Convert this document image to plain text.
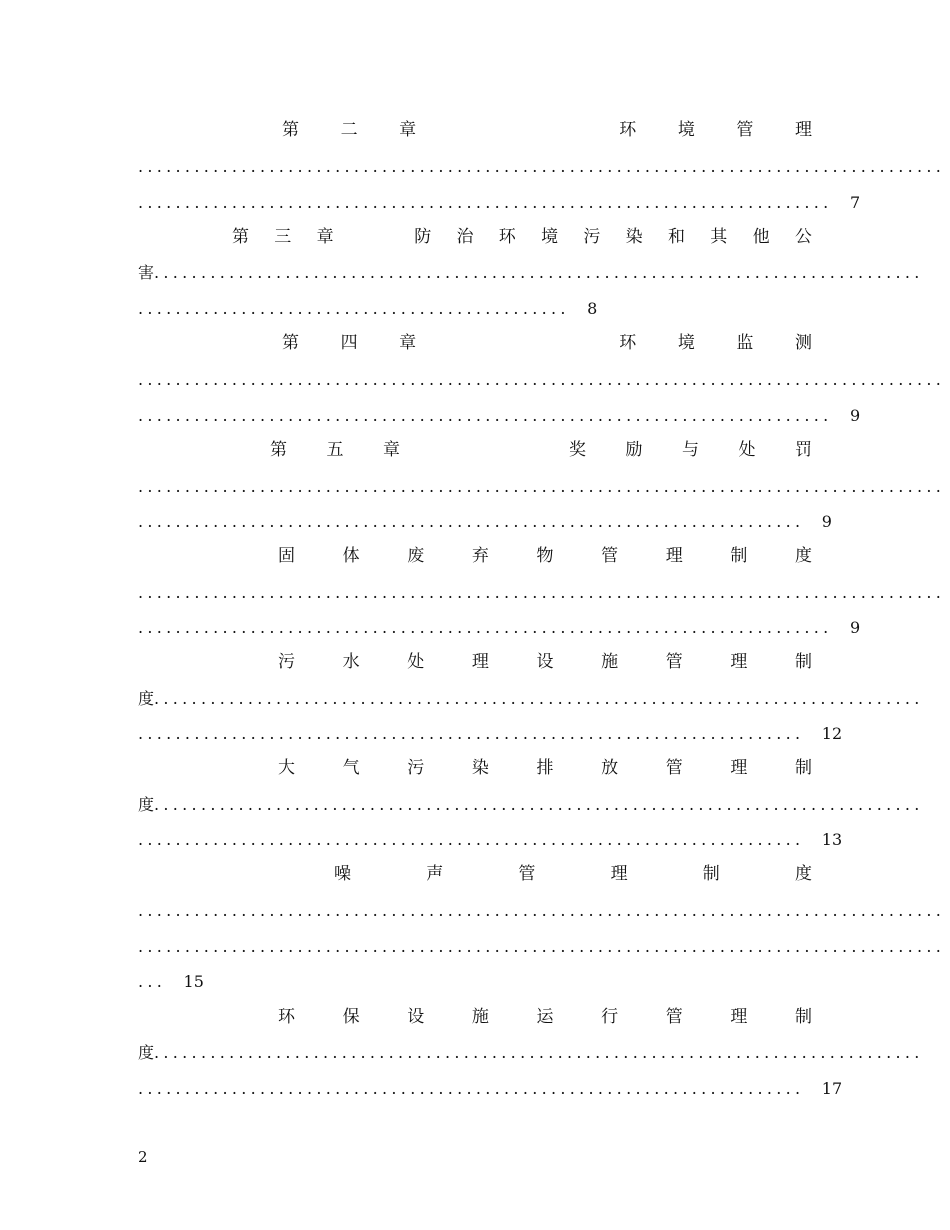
第 二 章	环 境 管 理
......................................................................................
.......................................................................... 7
第 三 章	防 治 环 境 污 染 和 其 他 公
害..................................................................................
.............................................. 8
第 四 章	环 境 监 测
......................................................................................
.......................................................................... 9
第 五 章	奖 励 与 处 罚
......................................................................................
....................................................................... 9
固	体	废	弃	物	管	理	制	度
......................................................................................
.......................................................................... 9
污	水	处	理	设	施	管	理	制
度..................................................................................
....................................................................... 12
大	气	污	染	排	放	管	理	制
度..................................................................................
....................................................................... 13
噪	声	管	理	制	度
......................................................................................
......................................................................................
... 15
环	保	设	施	运	行	管	理	制
度..................................................................................
....................................................................... 17
2
